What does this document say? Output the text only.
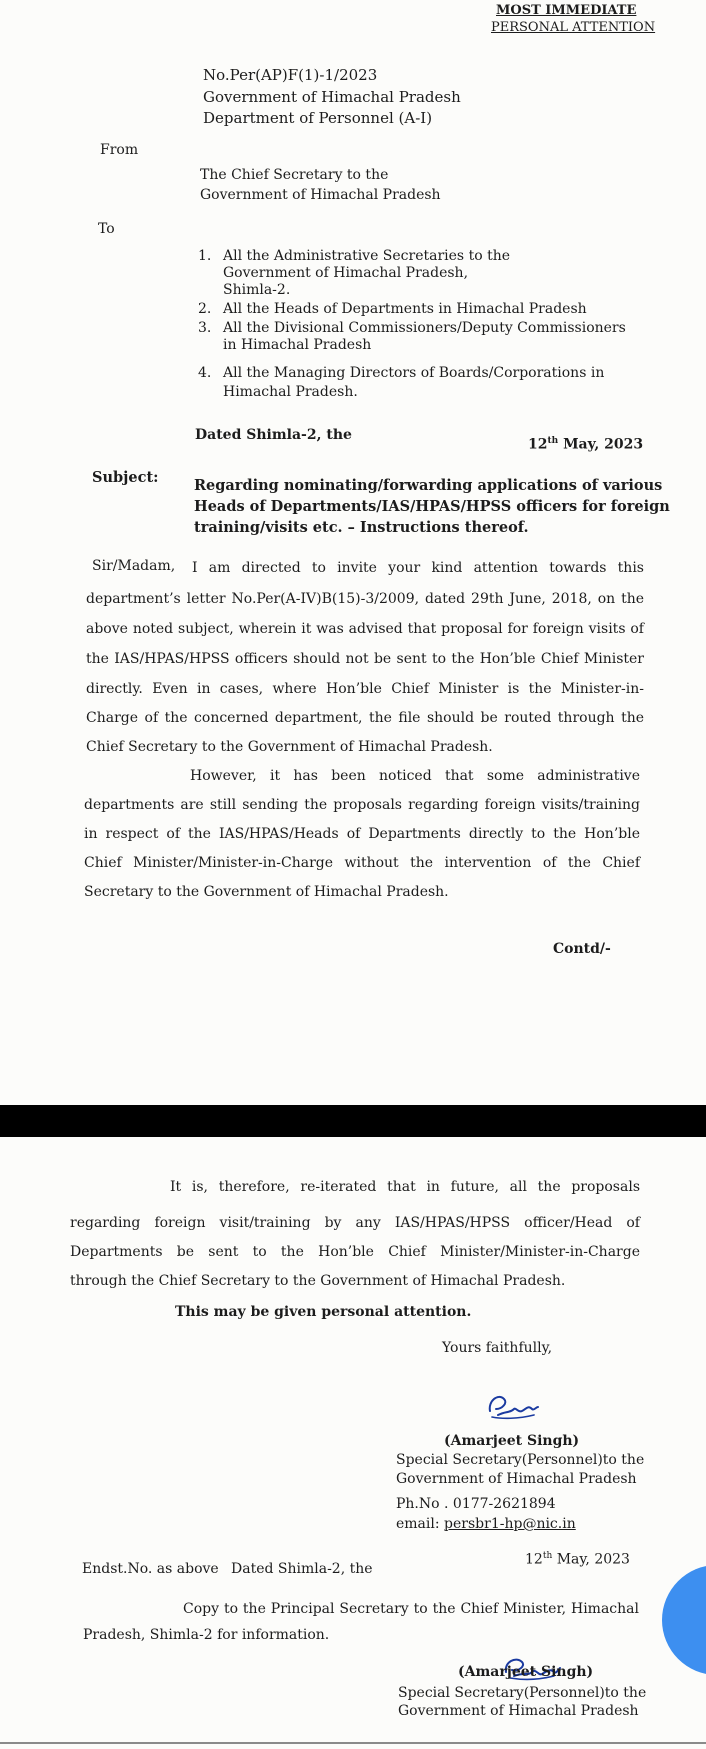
MOST IMMEDIATE
PERSONAL ATTENTION
No.Per(AP)F(1)-1/2023
Government of Himachal Pradesh
Department of Personnel (A-I)
From
The Chief Secretary to the
Government of Himachal Pradesh
To
1. All the Administrative Secretaries to the
Government of Himachal Pradesh,
Shimla-2.
2. All the Heads of Departments in Himachal Pradesh
3. All the Divisional Commissioners/Deputy Commissioners
in Himachal Pradesh
4. All the Managing Directors of Boards/Corporations in
Himachal Pradesh.
Dated Shimla-2, the
12th May, 2023
Subject: Regarding nominating/forwarding applications of various
Heads of Departments/IAS/HPAS/HPSS officers for foreign
training/visits etc. – Instructions thereof.
Sir/Madam, I am directed to invite your kind attention towards this
department’s letter No.Per(A-IV)B(15)-3/2009, dated 29th June, 2018, on the
above noted subject, wherein it was advised that proposal for foreign visits of
the IAS/HPAS/HPSS officers should not be sent to the Hon’ble Chief Minister
directly. Even in cases, where Hon’ble Chief Minister is the Minister-in-
Charge of the concerned department, the file should be routed through the
Chief Secretary to the Government of Himachal Pradesh.
However, it has been noticed that some administrative
departments are still sending the proposals regarding foreign visits/training
in respect of the IAS/HPAS/Heads of Departments directly to the Hon’ble
Chief Minister/Minister-in-Charge without the intervention of the Chief
Secretary to the Government of Himachal Pradesh.
Contd/-
It is, therefore, re-iterated that in future, all the proposals
regarding foreign visit/training by any IAS/HPAS/HPSS officer/Head of
Departments be sent to the Hon’ble Chief Minister/Minister-in-Charge
through the Chief Secretary to the Government of Himachal Pradesh.
This may be given personal attention.
Yours faithfully,
(Amarjeet Singh)
Special Secretary(Personnel)to the
Government of Himachal Pradesh
Ph.No . 0177-2621894
email: persbr1-hp@nic.in
Endst.No. as above Dated Shimla-2, the
12th May, 2023
Copy to the Principal Secretary to the Chief Minister, Himachal
Pradesh, Shimla-2 for information.
(Amarjeet Singh)
Special Secretary(Personnel)to the
Government of Himachal Pradesh
